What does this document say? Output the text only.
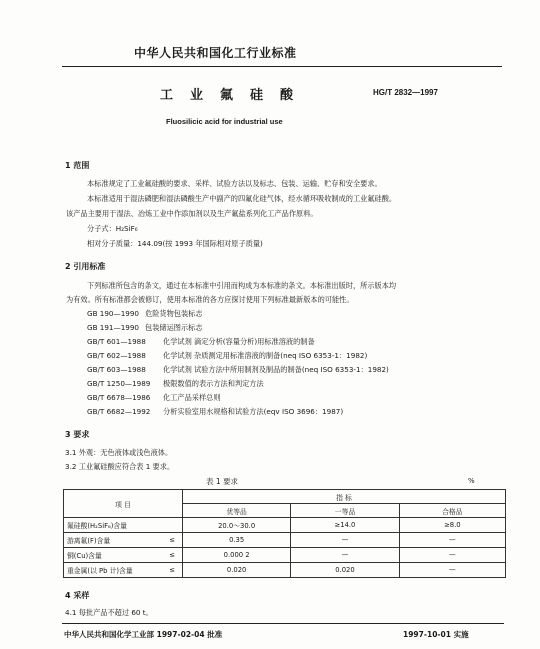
中华人民共和国化工行业标准
工业氟硅酸	HG/T 2832—1997
Fluosilicic acid for industrial use
1 范围
本标准规定了工业氟硅酸的要求、采样、试验方法以及标志、包装、运输、贮存和安全要求。
本标准适用于湿法磷肥和湿法磷酸生产中副产的四氟化硅气体，经水循环吸收制成的工业氟硅酸。
该产品主要用于湿法、冶炼工业中作添加剂以及生产氟盐系列化工产品作原料。
分子式：H₂SiF₆
相对分子质量：144.09(按 1993 年国际相对原子质量)
2 引用标准
下列标准所包含的条文，通过在本标准中引用而构成为本标准的条文。本标准出版时，所示版本均
为有效。所有标准都会被修订，使用本标准的各方应探讨使用下列标准最新版本的可能性。
GB 190—1990 危险货物包装标志
GB 191—1990 包装储运图示标志
GB/T 601—1988 化学试剂 滴定分析(容量分析)用标准溶液的制备
GB/T 602—1988 化学试剂 杂质测定用标准溶液的制备(neq ISO 6353-1：1982)
GB/T 603—1988 化学试剂 试验方法中所用制剂及制品的制备(neq ISO 6353-1：1982)
GB/T 1250—1989 极限数值的表示方法和判定方法
GB/T 6678—1986 化工产品采样总则
GB/T 6682—1992 分析实验室用水规格和试验方法(eqv ISO 3696：1987)
3 要求
3.1 外观：无色液体或浅色液体。
3.2 工业氟硅酸应符合表 1 要求。
表 1 要求	%
项 目		指 标		
		优等品	一等品	合格品
氟硅酸(H₂SiF₆)含量		20.0～30.0	≥14.0	≥8.0
游离氟(F)含量	≤	0.35	—	—
铜(Cu)含量	≤	0.000 2	—	—
重金属(以 Pb 计)含量	≤	0.020	0.020	—
4 采样
4.1 每批产品不超过 60 t。
中华人民共和国化学工业部 1997-02-04 批准	1997-10-01 实施
